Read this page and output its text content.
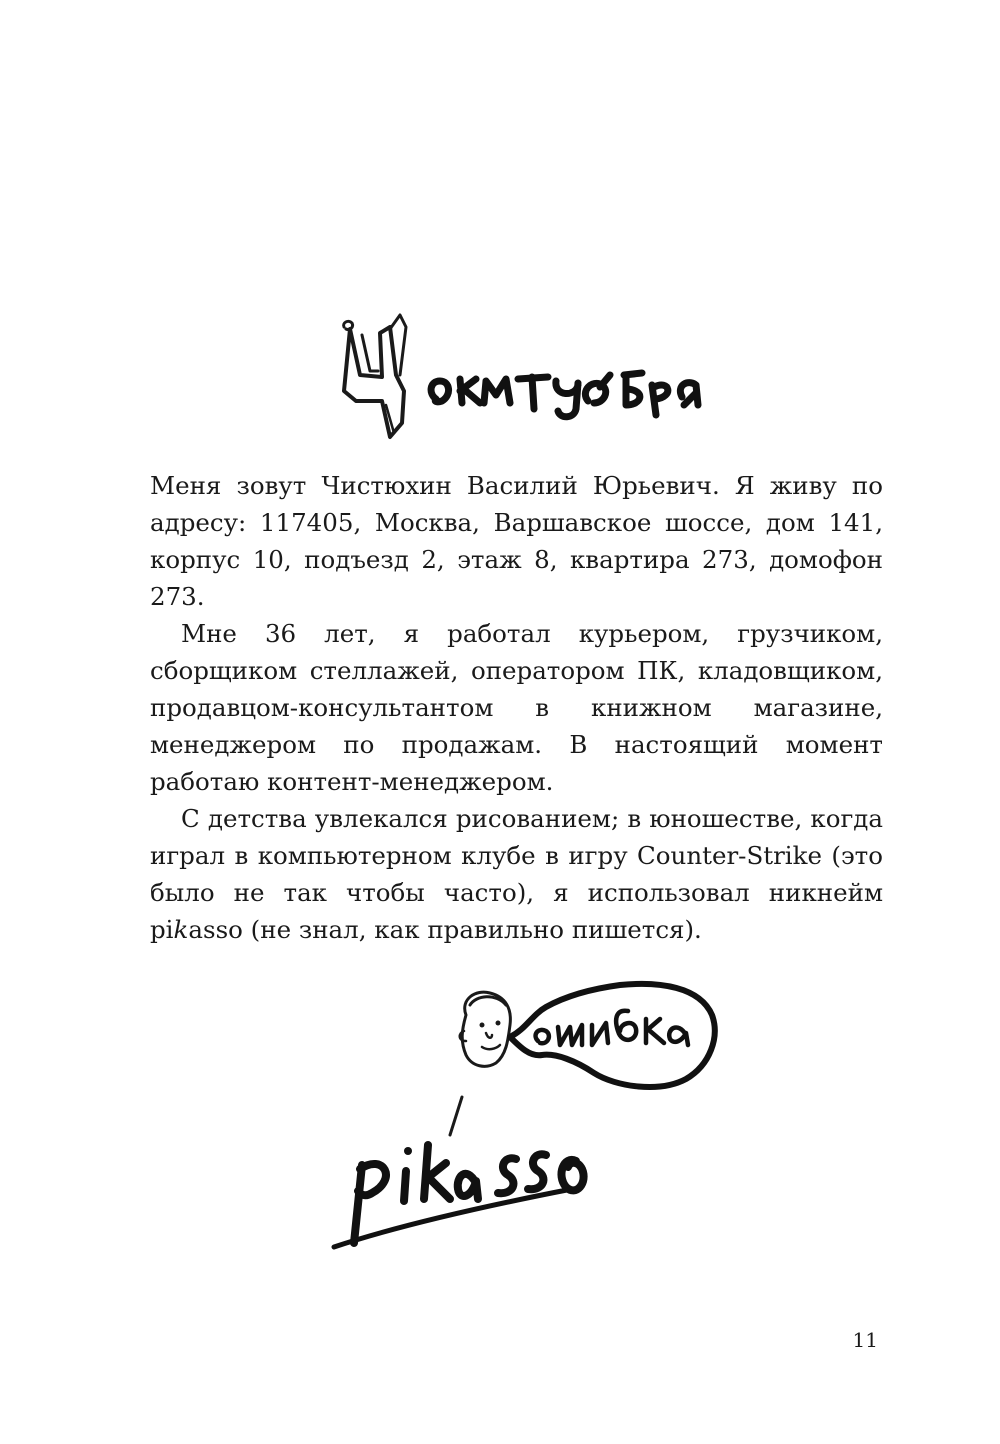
Меня зовут Чистюхин Василий Юрьевич. Я живу по адресу: 117405, Москва, Варшавское шоссе, дом 141, корпус 10, подъезд 2, этаж 8, квартира 273, домофон 273.

Мне 36 лет, я работал курьером, грузчиком, сборщиком стеллажей, оператором ПК, кладовщиком, продавцом-консультантом в книжном магазине, менеджером по продажам. В настоящий момент работаю контент-менеджером.

С детства увлекался рисованием; в юношестве, когда играл в компьютерном клубе в игру Counter-Strike (это было не так чтобы часто), я использовал никнейм pikasso (не знал, как правильно пишется).

11
